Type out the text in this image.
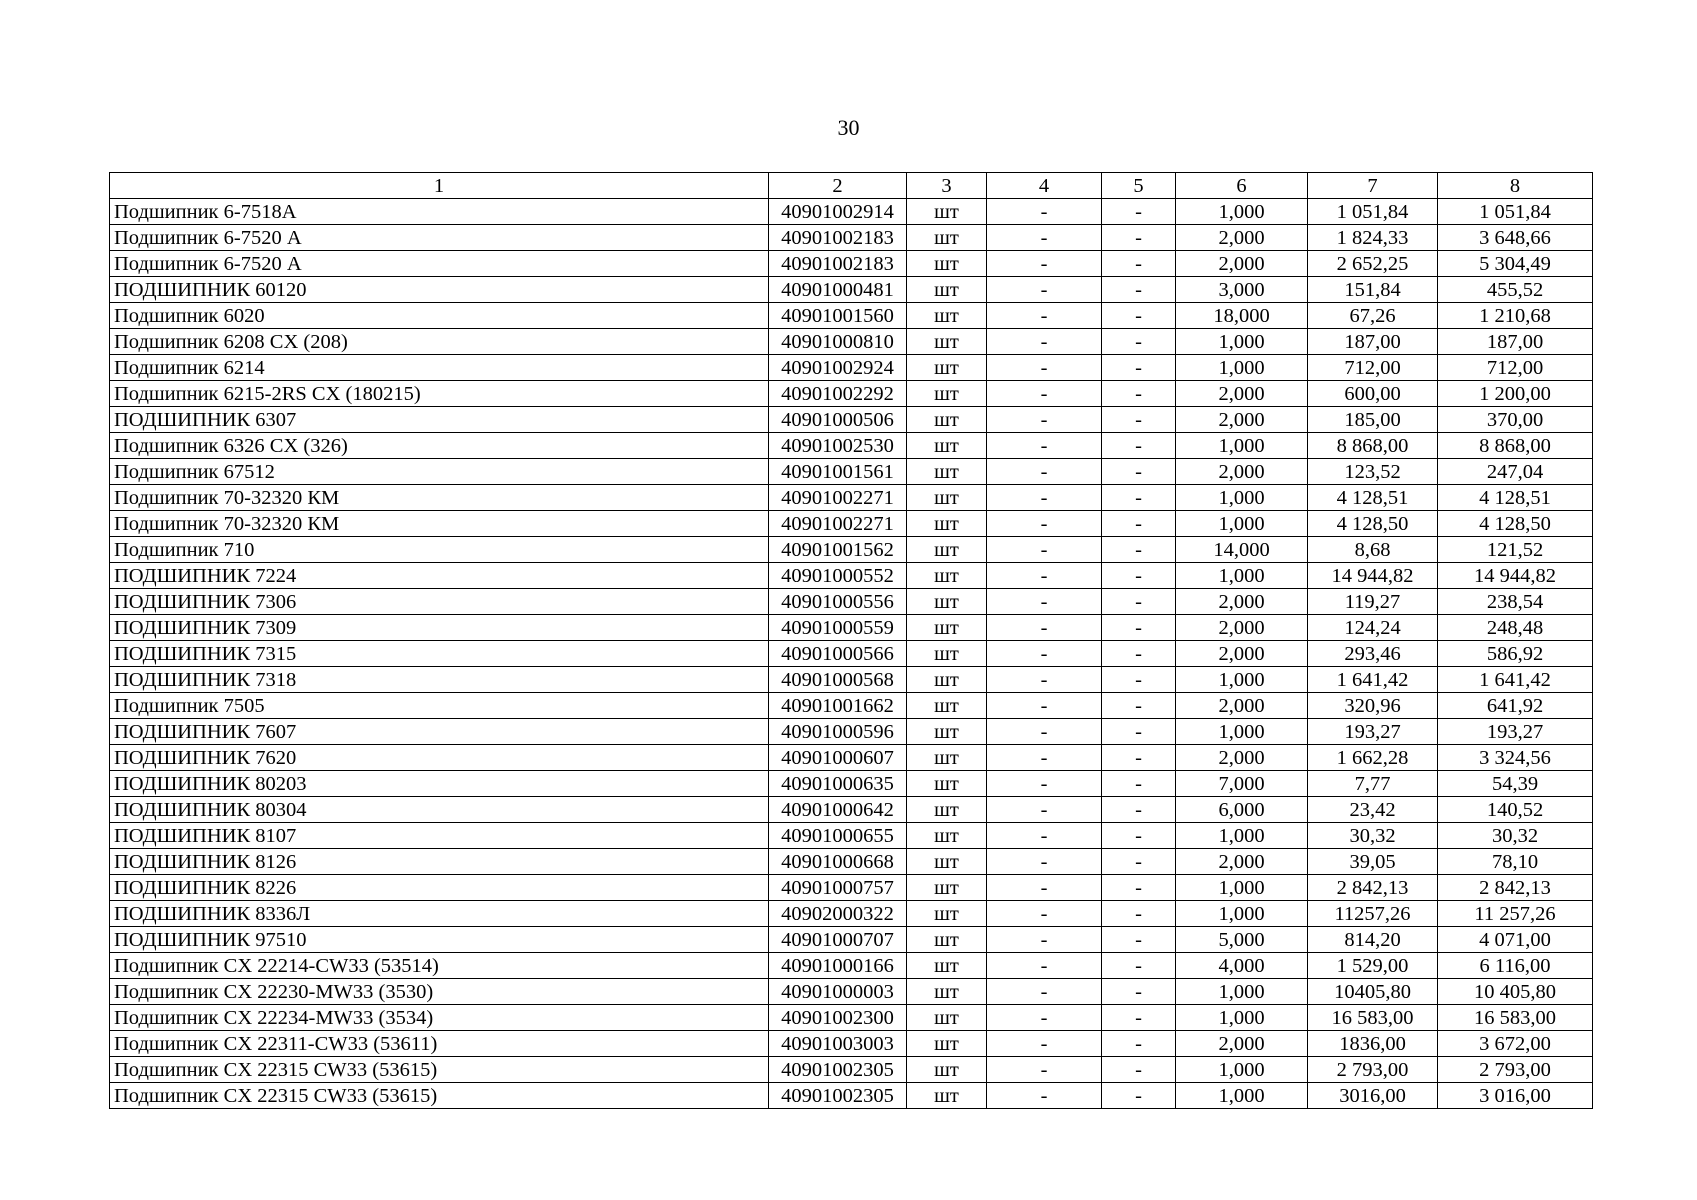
30
1	2	3	4	5	6	7	8
Подшипник 6-7518А	40901002914	шт	-	-	1,000	1 051,84	1 051,84
Подшипник 6-7520 А	40901002183	шт	-	-	2,000	1 824,33	3 648,66
Подшипник 6-7520 А	40901002183	шт	-	-	2,000	2 652,25	5 304,49
ПОДШИПНИК 60120	40901000481	шт	-	-	3,000	151,84	455,52
Подшипник 6020	40901001560	шт	-	-	18,000	67,26	1 210,68
Подшипник 6208 CX (208)	40901000810	шт	-	-	1,000	187,00	187,00
Подшипник 6214	40901002924	шт	-	-	1,000	712,00	712,00
Подшипник 6215-2RS CX (180215)	40901002292	шт	-	-	2,000	600,00	1 200,00
ПОДШИПНИК 6307	40901000506	шт	-	-	2,000	185,00	370,00
Подшипник 6326 CX (326)	40901002530	шт	-	-	1,000	8 868,00	8 868,00
Подшипник 67512	40901001561	шт	-	-	2,000	123,52	247,04
Подшипник 70-32320 КМ	40901002271	шт	-	-	1,000	4 128,51	4 128,51
Подшипник 70-32320 КМ	40901002271	шт	-	-	1,000	4 128,50	4 128,50
Подшипник 710	40901001562	шт	-	-	14,000	8,68	121,52
ПОДШИПНИК 7224	40901000552	шт	-	-	1,000	14 944,82	14 944,82
ПОДШИПНИК 7306	40901000556	шт	-	-	2,000	119,27	238,54
ПОДШИПНИК 7309	40901000559	шт	-	-	2,000	124,24	248,48
ПОДШИПНИК 7315	40901000566	шт	-	-	2,000	293,46	586,92
ПОДШИПНИК 7318	40901000568	шт	-	-	1,000	1 641,42	1 641,42
Подшипник 7505	40901001662	шт	-	-	2,000	320,96	641,92
ПОДШИПНИК 7607	40901000596	шт	-	-	1,000	193,27	193,27
ПОДШИПНИК 7620	40901000607	шт	-	-	2,000	1 662,28	3 324,56
ПОДШИПНИК 80203	40901000635	шт	-	-	7,000	7,77	54,39
ПОДШИПНИК 80304	40901000642	шт	-	-	6,000	23,42	140,52
ПОДШИПНИК 8107	40901000655	шт	-	-	1,000	30,32	30,32
ПОДШИПНИК 8126	40901000668	шт	-	-	2,000	39,05	78,10
ПОДШИПНИК 8226	40901000757	шт	-	-	1,000	2 842,13	2 842,13
ПОДШИПНИК 8336Л	40902000322	шт	-	-	1,000	11257,26	11 257,26
ПОДШИПНИК 97510	40901000707	шт	-	-	5,000	814,20	4 071,00
Подшипник CX 22214-CW33 (53514)	40901000166	шт	-	-	4,000	1 529,00	6 116,00
Подшипник CX 22230-MW33 (3530)	40901000003	шт	-	-	1,000	10405,80	10 405,80
Подшипник CX 22234-MW33 (3534)	40901002300	шт	-	-	1,000	16 583,00	16 583,00
Подшипник CX 22311-CW33 (53611)	40901003003	шт	-	-	2,000	1836,00	3 672,00
Подшипник CX 22315 CW33 (53615)	40901002305	шт	-	-	1,000	2 793,00	2 793,00
Подшипник CX 22315 CW33 (53615)	40901002305	шт	-	-	1,000	3016,00	3 016,00
